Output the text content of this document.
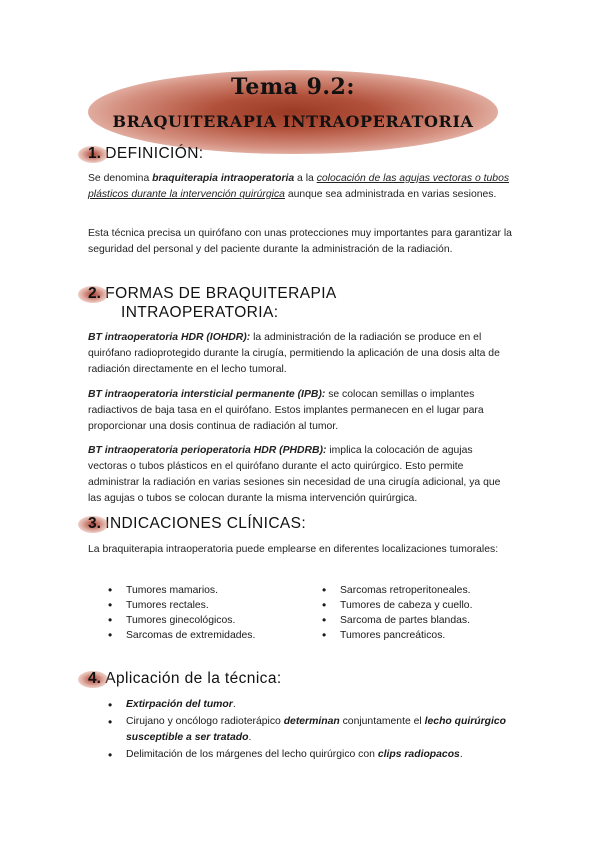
Tema 9.2:
BRAQUITERAPIA INTRAOPERATORIA
1. DEFINICIÓN:
Se denomina braquiterapia intraoperatoria a la colocación de las agujas vectoras o tubos plásticos durante la intervención quirúrgica aunque sea administrada en varias sesiones.
Esta técnica precisa un quirófano con unas protecciones muy importantes para garantizar la seguridad del personal y del paciente durante la administración de la radiación.
2. FORMAS DE BRAQUITERAPIA
INTRAOPERATORIA:
BT intraoperatoria HDR (IOHDR): la administración de la radiación se produce en el quirófano radioprotegido durante la cirugía, permitiendo la aplicación de una dosis alta de radiación directamente en el lecho tumoral.
BT intraoperatoria intersticial permanente (IPB): se colocan semillas o implantes radiactivos de baja tasa en el quirófano. Estos implantes permanecen en el lugar para proporcionar una dosis continua de radiación al tumor.
BT intraoperatoria perioperatoria HDR (PHDRB): implica la colocación de agujas vectoras o tubos plásticos en el quirófano durante el acto quirúrgico. Esto permite administrar la radiación en varias sesiones sin necesidad de una cirugía adicional, ya que las agujas o tubos se colocan durante la misma intervención quirúrgica.
3. INDICACIONES CLÍNICAS:
La braquiterapia intraoperatoria puede emplearse en diferentes localizaciones tumorales:
• Tumores mamarios.
• Tumores rectales.
• Tumores ginecológicos.
• Sarcomas de extremidades.
• Sarcomas retroperitoneales.
• Tumores de cabeza y cuello.
• Sarcoma de partes blandas.
• Tumores pancreáticos.
4. Aplicación de la técnica:
• Extirpación del tumor.
• Cirujano y oncólogo radioterápico determinan conjuntamente el lecho quirúrgico susceptible a ser tratado.
• Delimitación de los márgenes del lecho quirúrgico con clips radiopacos.
